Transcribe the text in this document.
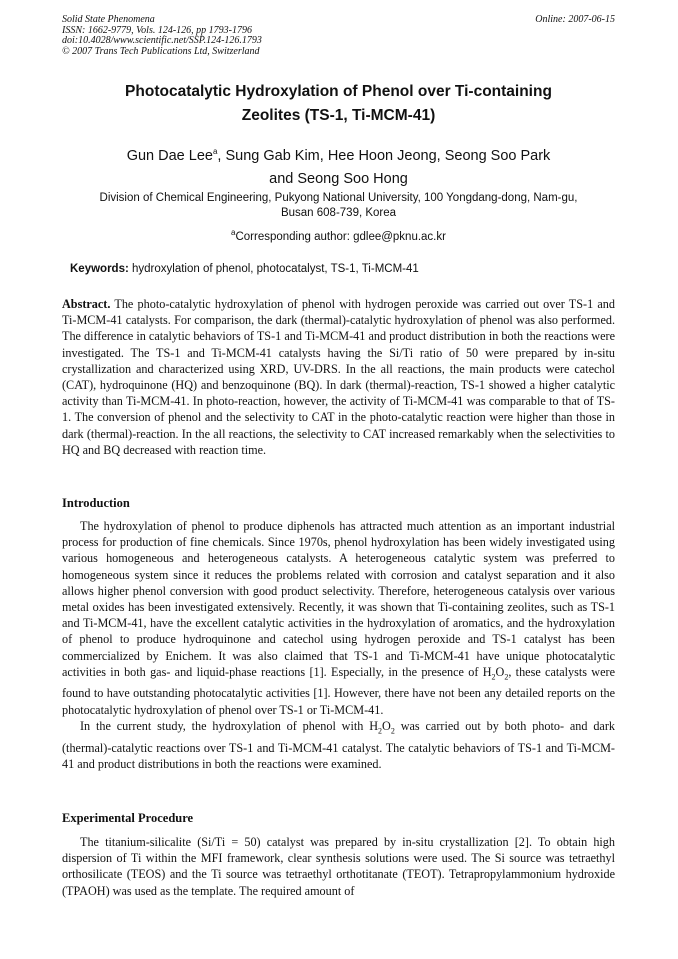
Solid State Phenomena
ISSN: 1662-9779, Vols. 124-126, pp 1793-1796
doi:10.4028/www.scientific.net/SSP.124-126.1793
© 2007 Trans Tech Publications Ltd, Switzerland
Online: 2007-06-15
Photocatalytic Hydroxylation of Phenol over Ti-containing
Zeolites (TS-1, Ti-MCM-41)
Gun Dae Lee$^a$, Sung Gab Kim, Hee Hoon Jeong, Seong Soo Park
and Seong Soo Hong
Division of Chemical Engineering, Pukyong National University, 100 Yongdang-dong, Nam-gu,
Busan 608-739, Korea
$^a$Corresponding author: gdlee@pknu.ac.kr
Keywords: hydroxylation of phenol, photocatalyst, TS-1, Ti-MCM-41

Abstract. The photo-catalytic hydroxylation of phenol with hydrogen peroxide was carried out over TS-1 and Ti-MCM-41 catalysts. For comparison, the dark (thermal)-catalytic hydroxylation of phenol was also performed. The difference in catalytic behaviors of TS-1 and Ti-MCM-41 and product distribution in both the reactions were investigated. The TS-1 and Ti-MCM-41 catalysts having the Si/Ti ratio of 50 were prepared by in-situ crystallization and characterized using XRD, UV-DRS. In the all reactions, the main products were catechol (CAT), hydroquinone (HQ) and benzoquinone (BQ). In dark (thermal)-reaction, TS-1 showed a higher catalytic activity than Ti-MCM-41. In photo-reaction, however, the activity of Ti-MCM-41 was comparable to that of TS-1. The conversion of phenol and the selectivity to CAT in the photo-catalytic reaction were higher than those in dark (thermal)-reaction. In the all reactions, the selectivity to CAT increased remarkably when the selectivities to HQ and BQ decreased with reaction time.

Introduction

The hydroxylation of phenol to produce diphenols has attracted much attention as an important industrial process for production of fine chemicals. Since 1970s, phenol hydroxylation has been widely investigated using various homogeneous and heterogeneous catalysts. A heterogeneous catalytic system was preferred to homogeneous system since it reduces the problems related with corrosion and catalyst separation and it also allows higher phenol conversion with good product selectivity. Therefore, heterogeneous catalysis over various metal oxides has been investigated extensively. Recently, it was shown that Ti-containing zeolites, such as TS-1 and Ti-MCM-41, have the excellent catalytic activities in the hydroxylation of aromatics, and the hydroxylation of phenol to produce hydroquinone and catechol using hydrogen peroxide and TS-1 catalyst has been commercialized by Enichem. It was also claimed that TS-1 and Ti-MCM-41 have unique photocatalytic activities in both gas- and liquid-phase reactions [1]. Especially, in the presence of $H_2O_2$, these catalysts were found to have outstanding photocatalytic activities [1]. However, there have not been any detailed reports on the photocatalytic hydroxylation of phenol over TS-1 or Ti-MCM-41.

In the current study, the hydroxylation of phenol with $H_2O_2$ was carried out by both photo- and dark (thermal)-catalytic reactions over TS-1 and Ti-MCM-41 catalyst. The catalytic behaviors of TS-1 and Ti-MCM-41 and product distributions in both the reactions were examined.

Experimental Procedure

The titanium-silicalite (Si/Ti = 50) catalyst was prepared by in-situ crystallization [2]. To obtain high dispersion of Ti within the MFI framework, clear synthesis solutions were used. The Si source was tetraethyl orthosilicate (TEOS) and the Ti source was tetraethyl orthotitanate (TEOT). Tetrapropylammonium hydroxide (TPAOH) was used as the template. The required amount of
